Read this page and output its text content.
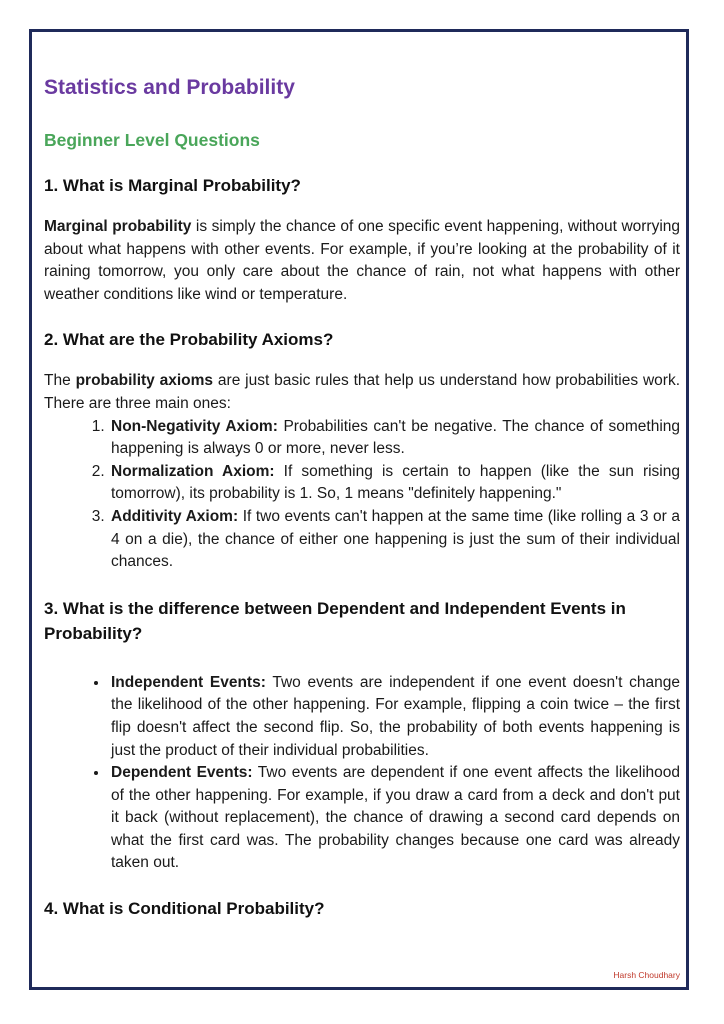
Statistics and Probability
Beginner Level Questions
1. What is Marginal Probability?

Marginal probability is simply the chance of one specific event happening, without worrying about what happens with other events. For example, if you’re looking at the probability of it raining tomorrow, you only care about the chance of rain, not what happens with other weather conditions like wind or temperature.

2. What are the Probability Axioms?

The probability axioms are just basic rules that help us understand how probabilities work. There are three main ones:

1. Non-Negativity Axiom: Probabilities can't be negative. The chance of something happening is always 0 or more, never less.
2. Normalization Axiom: If something is certain to happen (like the sun rising tomorrow), its probability is 1. So, 1 means "definitely happening."
3. Additivity Axiom: If two events can't happen at the same time (like rolling a 3 or a 4 on a die), the chance of either one happening is just the sum of their individual chances.
3. What is the difference between Dependent and Independent Events in Probability?
• Independent Events: Two events are independent if one event doesn't change the likelihood of the other happening. For example, flipping a coin twice – the first flip doesn't affect the second flip. So, the probability of both events happening is just the product of their individual probabilities.
• Dependent Events: Two events are dependent if one event affects the likelihood of the other happening. For example, if you draw a card from a deck and don't put it back (without replacement), the chance of drawing a second card depends on what the first card was. The probability changes because one card was already taken out.
4. What is Conditional Probability?
Harsh Choudhary
